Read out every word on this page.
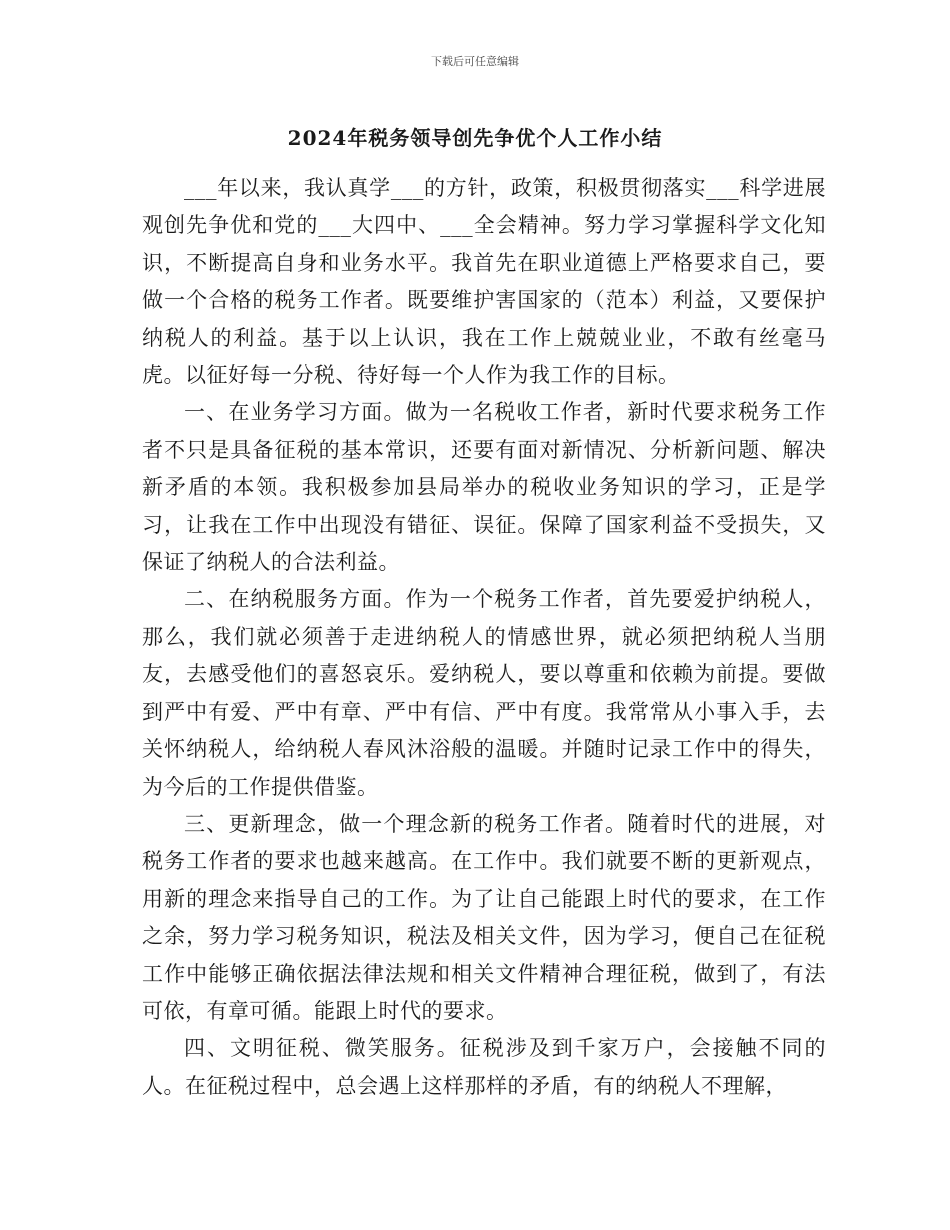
下载后可任意编辑
2024年税务领导创先争优个人工作小结

___年以来，我认真学___的方针，政策，积极贯彻落实___科学进展观创先争优和党的___大四中、___全会精神。努力学习掌握科学文化知识，不断提高自身和业务水平。我首先在职业道德上严格要求自己，要做一个合格的税务工作者。既要维护害国家的（范本）利益，又要保护纳税人的利益。基于以上认识，我在工作上兢兢业业，不敢有丝毫马虎。以征好每一分税、待好每一个人作为我工作的目标。

一、在业务学习方面。做为一名税收工作者，新时代要求税务工作者不只是具备征税的基本常识，还要有面对新情况、分析新问题、解决新矛盾的本领。我积极参加县局举办的税收业务知识的学习，正是学习，让我在工作中出现没有错征、误征。保障了国家利益不受损失，又保证了纳税人的合法利益。

二、在纳税服务方面。作为一个税务工作者，首先要爱护纳税人，那么，我们就必须善于走进纳税人的情感世界，就必须把纳税人当朋友，去感受他们的喜怒哀乐。爱纳税人，要以尊重和依赖为前提。要做到严中有爱、严中有章、严中有信、严中有度。我常常从小事入手，去关怀纳税人，给纳税人春风沐浴般的温暖。并随时记录工作中的得失，为今后的工作提供借鉴。

三、更新理念，做一个理念新的税务工作者。随着时代的进展，对税务工作者的要求也越来越高。在工作中。我们就要不断的更新观点，用新的理念来指导自己的工作。为了让自己能跟上时代的要求，在工作之余，努力学习税务知识，税法及相关文件，因为学习，便自己在征税工作中能够正确依据法律法规和相关文件精神合理征税，做到了，有法可依，有章可循。能跟上时代的要求。

四、文明征税、微笑服务。征税涉及到千家万户，会接触不同的人。在征税过程中，总会遇上这样那样的矛盾，有的纳税人不理解，
